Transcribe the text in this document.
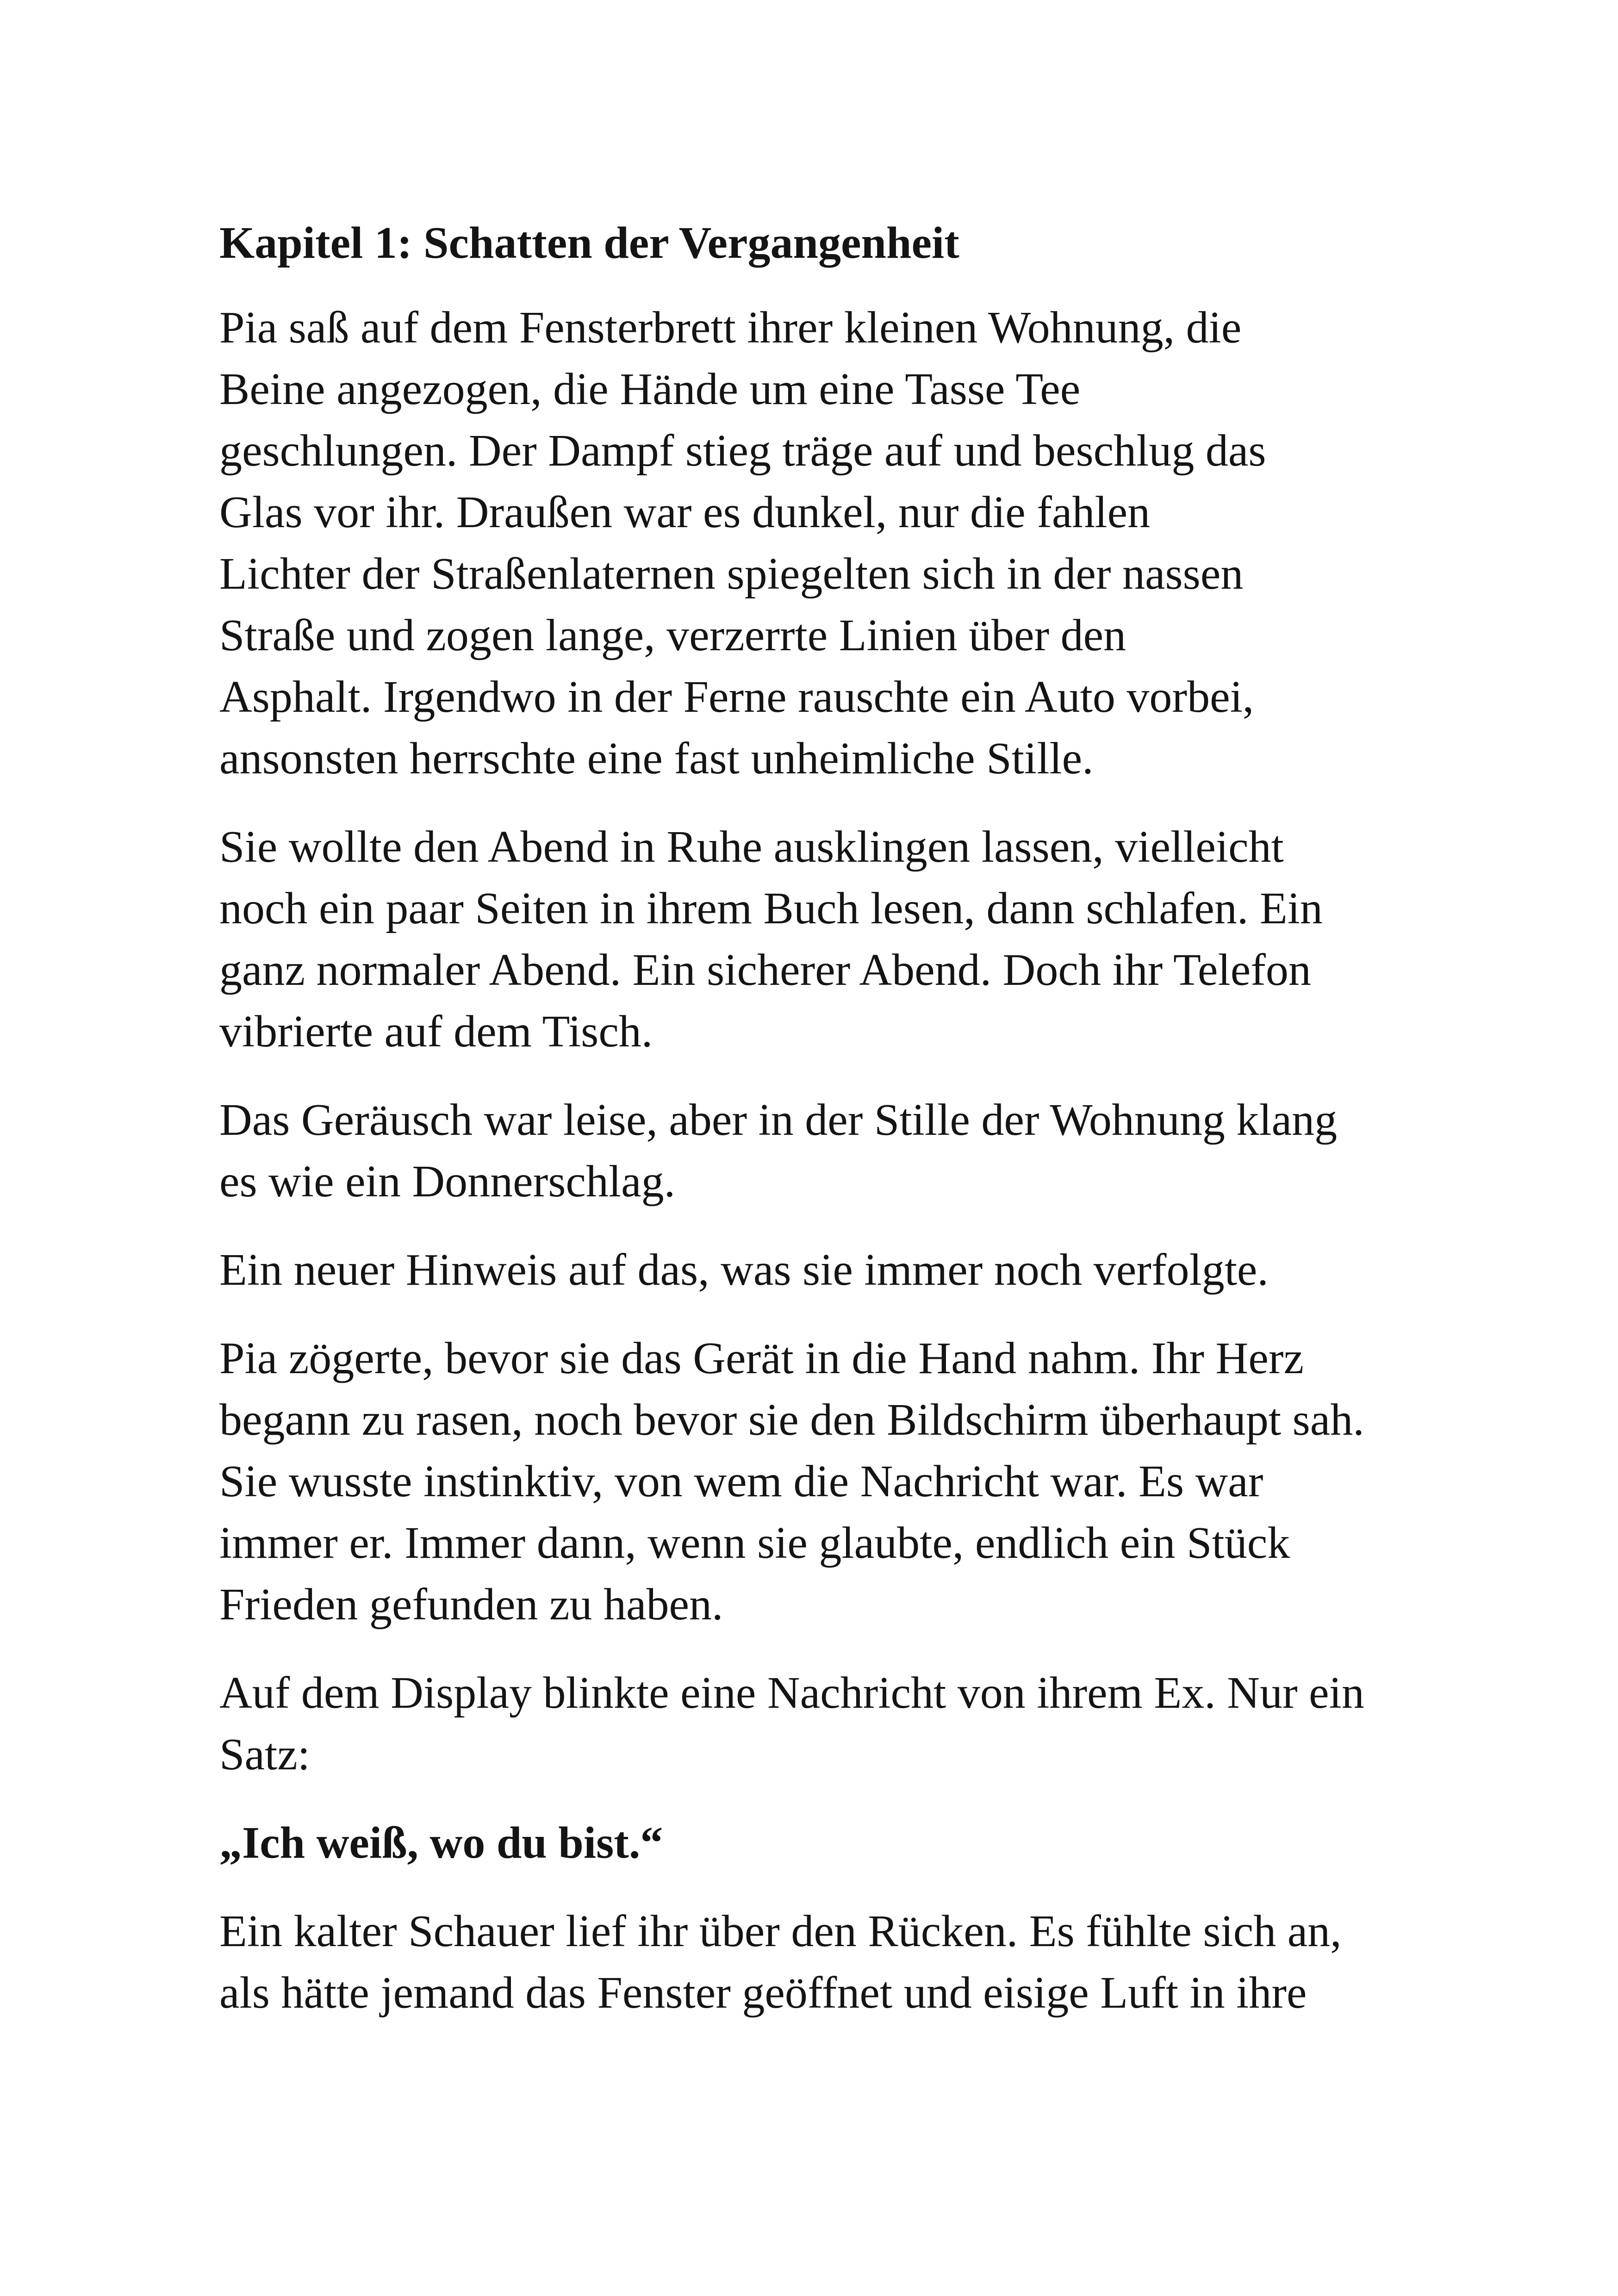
Kapitel 1: Schatten der Vergangenheit

Pia saß auf dem Fensterbrett ihrer kleinen Wohnung, die
Beine angezogen, die Hände um eine Tasse Tee
geschlungen. Der Dampf stieg träge auf und beschlug das
Glas vor ihr. Draußen war es dunkel, nur die fahlen
Lichter der Straßenlaternen spiegelten sich in der nassen
Straße und zogen lange, verzerrte Linien über den
Asphalt. Irgendwo in der Ferne rauschte ein Auto vorbei,
ansonsten herrschte eine fast unheimliche Stille.

Sie wollte den Abend in Ruhe ausklingen lassen, vielleicht
noch ein paar Seiten in ihrem Buch lesen, dann schlafen. Ein
ganz normaler Abend. Ein sicherer Abend. Doch ihr Telefon
vibrierte auf dem Tisch.

Das Geräusch war leise, aber in der Stille der Wohnung klang
es wie ein Donnerschlag.

Ein neuer Hinweis auf das, was sie immer noch verfolgte.

Pia zögerte, bevor sie das Gerät in die Hand nahm. Ihr Herz
begann zu rasen, noch bevor sie den Bildschirm überhaupt sah.
Sie wusste instinktiv, von wem die Nachricht war. Es war
immer er. Immer dann, wenn sie glaubte, endlich ein Stück
Frieden gefunden zu haben.

Auf dem Display blinkte eine Nachricht von ihrem Ex. Nur ein
Satz:

„Ich weiß, wo du bist.“

Ein kalter Schauer lief ihr über den Rücken. Es fühlte sich an,
als hätte jemand das Fenster geöffnet und eisige Luft in ihre
